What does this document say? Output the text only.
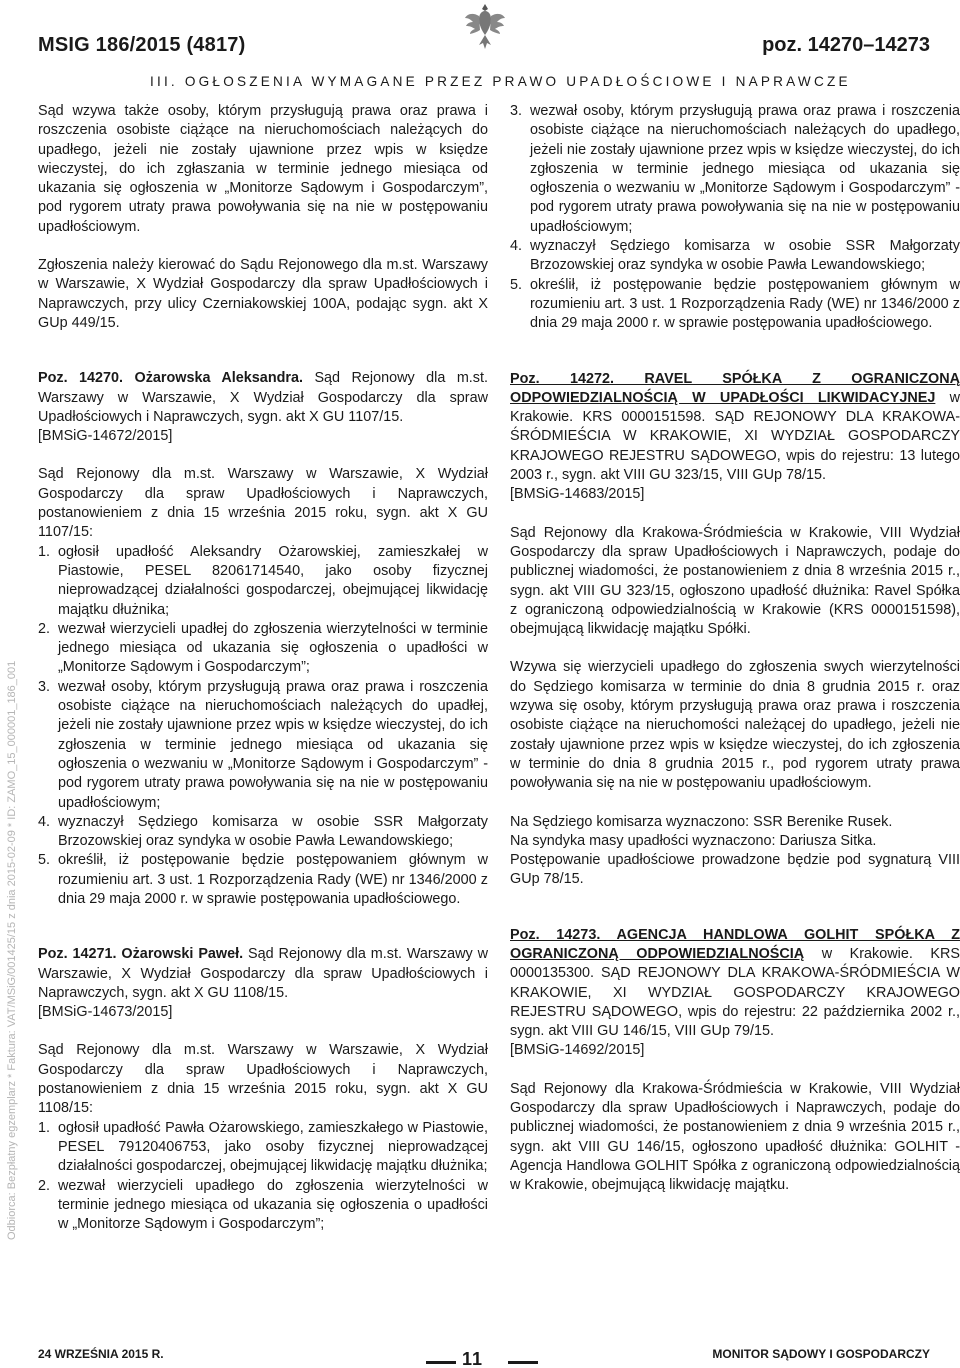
MSIG 186/2015 (4817)	poz. 14270–14273
III. OGŁOSZENIA WYMAGANE PRZEZ PRAWO UPADŁOŚCIOWE I NAPRAWCZE
Odbiorca: Bezpłatny egzemplarz * Faktura: VAT/MSiG/001425/15 z dnia 2015-02-09 * ID: ZAMO_15_000001_186_001

Sąd wzywa także osoby, którym przysługują prawa oraz prawa i roszczenia osobiste ciążące na nieruchomościach należących do upadłego, jeżeli nie zostały ujawnione przez wpis w księdze wieczystej, do ich zgłaszania w terminie jednego miesiąca od ukazania się ogłoszenia w „Monitorze Sądowym i Gospodarczym”, pod rygorem utraty prawa powoływania się na nie w postępowaniu upadłościowym.

Zgłoszenia należy kierować do Sądu Rejonowego dla m.st. Warszawy w Warszawie, X Wydział Gospodarczy dla spraw Upadłościowych i Naprawczych, przy ulicy Czerniakowskiej 100A, podając sygn. akt X GUp 449/15.

Poz. 14270. Ożarowska Aleksandra. Sąd Rejonowy dla m.st. Warszawy w Warszawie, X Wydział Gospodarczy dla spraw Upadłościowych i Naprawczych, sygn. akt X GU 1107/15.

[BMSiG-14672/2015]

Sąd Rejonowy dla m.st. Warszawy w Warszawie, X Wydział Gospodarczy dla spraw Upadłościowych i Naprawczych, postanowieniem z dnia 15 września 2015 roku, sygn. akt X GU 1107/15:

1. ogłosił upadłość Aleksandry Ożarowskiej, zamieszkałej w Piastowie, PESEL 82061714540, jako osoby fizycznej nieprowadzącej działalności gospodarczej, obejmującej likwidację majątku dłużnika;
2. wezwał wierzycieli upadłej do zgłoszenia wierzytelności w terminie jednego miesiąca od ukazania się ogłoszenia o upadłości w „Monitorze Sądowym i Gospodarczym”;
3. wezwał osoby, którym przysługują prawa oraz prawa i roszczenia osobiste ciążące na nieruchomościach należących do upadłej, jeżeli nie zostały ujawnione przez wpis w księdze wieczystej, do ich zgłoszenia w terminie jednego miesiąca od ukazania się ogłoszenia o wezwaniu w „Monitorze Sądowym i Gospodarczym” - pod rygorem utraty prawa powoływania się na nie w postępowaniu upadłościowym;
4. wyznaczył Sędziego komisarza w osobie SSR Małgorzaty Brzozowskiej oraz syndyka w osobie Pawła Lewandowskiego;
5. określił, iż postępowanie będzie postępowaniem głównym w rozumieniu art. 3 ust. 1 Rozporządzenia Rady (WE) nr 1346/2000 z dnia 29 maja 2000 r. w sprawie postępowania upadłościowego.

Poz. 14271. Ożarowski Paweł. Sąd Rejonowy dla m.st. Warszawy w Warszawie, X Wydział Gospodarczy dla spraw Upadłościowych i Naprawczych, sygn. akt X GU 1108/15.

[BMSiG-14673/2015]

Sąd Rejonowy dla m.st. Warszawy w Warszawie, X Wydział Gospodarczy dla spraw Upadłościowych i Naprawczych, postanowieniem z dnia 15 września 2015 roku, sygn. akt X GU 1108/15:

1. ogłosił upadłość Pawła Ożarowskiego, zamieszkałego w Piastowie, PESEL 79120406753, jako osoby fizycznej nieprowadzącej działalności gospodarczej, obejmującej likwidację majątku dłużnika;
2. wezwał wierzycieli upadłego do zgłoszenia wierzytelności w terminie jednego miesiąca od ukazania się ogłoszenia o upadłości w „Monitorze Sądowym i Gospodarczym”;
3. wezwał osoby, którym przysługują prawa oraz prawa i roszczenia osobiste ciążące na nieruchomościach należących do upadłego, jeżeli nie zostały ujawnione przez wpis w księdze wieczystej, do ich zgłoszenia w terminie jednego miesiąca od ukazania się ogłoszenia o wezwaniu w „Monitorze Sądowym i Gospodarczym” - pod rygorem utraty prawa powoływania się na nie w postępowaniu upadłościowym;
4. wyznaczył Sędziego komisarza w osobie SSR Małgorzaty Brzozowskiej oraz syndyka w osobie Pawła Lewandowskiego;
5. określił, iż postępowanie będzie postępowaniem głównym w rozumieniu art. 3 ust. 1 Rozporządzenia Rady (WE) nr 1346/2000 z dnia 29 maja 2000 r. w sprawie postępowania upadłościowego.

Poz. 14272. RAVEL SPÓŁKA Z OGRANICZONĄ ODPOWIEDZIALNOŚCIĄ W UPADŁOŚCI LIKWIDACYJNEJ w Krakowie. KRS 0000151598. SĄD REJONOWY DLA KRAKOWA-ŚRÓDMIEŚCIA W KRAKOWIE, XI WYDZIAŁ GOSPODARCZY KRAJOWEGO REJESTRU SĄDOWEGO, wpis do rejestru: 13 lutego 2003 r., sygn. akt VIII GU 323/15, VIII GUp 78/15.

[BMSiG-14683/2015]

Sąd Rejonowy dla Krakowa-Śródmieścia w Krakowie, VIII Wydział Gospodarczy dla spraw Upadłościowych i Naprawczych, podaje do publicznej wiadomości, że postanowieniem z dnia 8 września 2015 r., sygn. akt VIII GU 323/15, ogłoszono upadłość dłużnika: Ravel Spółka z ograniczoną odpowiedzialnością w Krakowie (KRS 0000151598), obejmującą likwidację majątku Spółki.

Wzywa się wierzycieli upadłego do zgłoszenia swych wierzytelności do Sędziego komisarza w terminie do dnia 8 grudnia 2015 r. oraz wzywa się osoby, którym przysługują prawa oraz prawa i roszczenia osobiste ciążące na nieruchomości należącej do upadłego, jeżeli nie zostały ujawnione przez wpis w księdze wieczystej, do ich zgłoszenia w terminie do dnia 8 grudnia 2015 r., pod rygorem utraty prawa powoływania się na nie w postępowaniu upadłościowym.

Na Sędziego komisarza wyznaczono: SSR Berenike Rusek.

Na syndyka masy upadłości wyznaczono: Dariusza Sitka.

Postępowanie upadłościowe prowadzone będzie pod sygnaturą VIII GUp 78/15.

Poz. 14273. AGENCJA HANDLOWA GOLHIT SPÓŁKA Z OGRANICZONĄ ODPOWIEDZIALNOŚCIĄ w Krakowie. KRS 0000135300. SĄD REJONOWY DLA KRAKOWA-ŚRÓDMIEŚCIA W KRAKOWIE, XI WYDZIAŁ GOSPODARCZY KRAJOWEGO REJESTRU SĄDOWEGO, wpis do rejestru: 22 października 2002 r., sygn. akt VIII GU 146/15, VIII GUp 79/15.

[BMSiG-14692/2015]

Sąd Rejonowy dla Krakowa-Śródmieścia w Krakowie, VIII Wydział Gospodarczy dla spraw Upadłościowych i Naprawczych, podaje do publicznej wiadomości, że postanowieniem z dnia 9 września 2015 r., sygn. akt VIII GU 146/15, ogłoszono upadłość dłużnika: GOLHIT - Agencja Handlowa GOLHIT Spółka z ograniczoną odpowiedzialnością w Krakowie, obejmującą likwidację majątku.

24 WRZEŚNIA 2015 R.	11	MONITOR SĄDOWY I GOSPODARCZY
